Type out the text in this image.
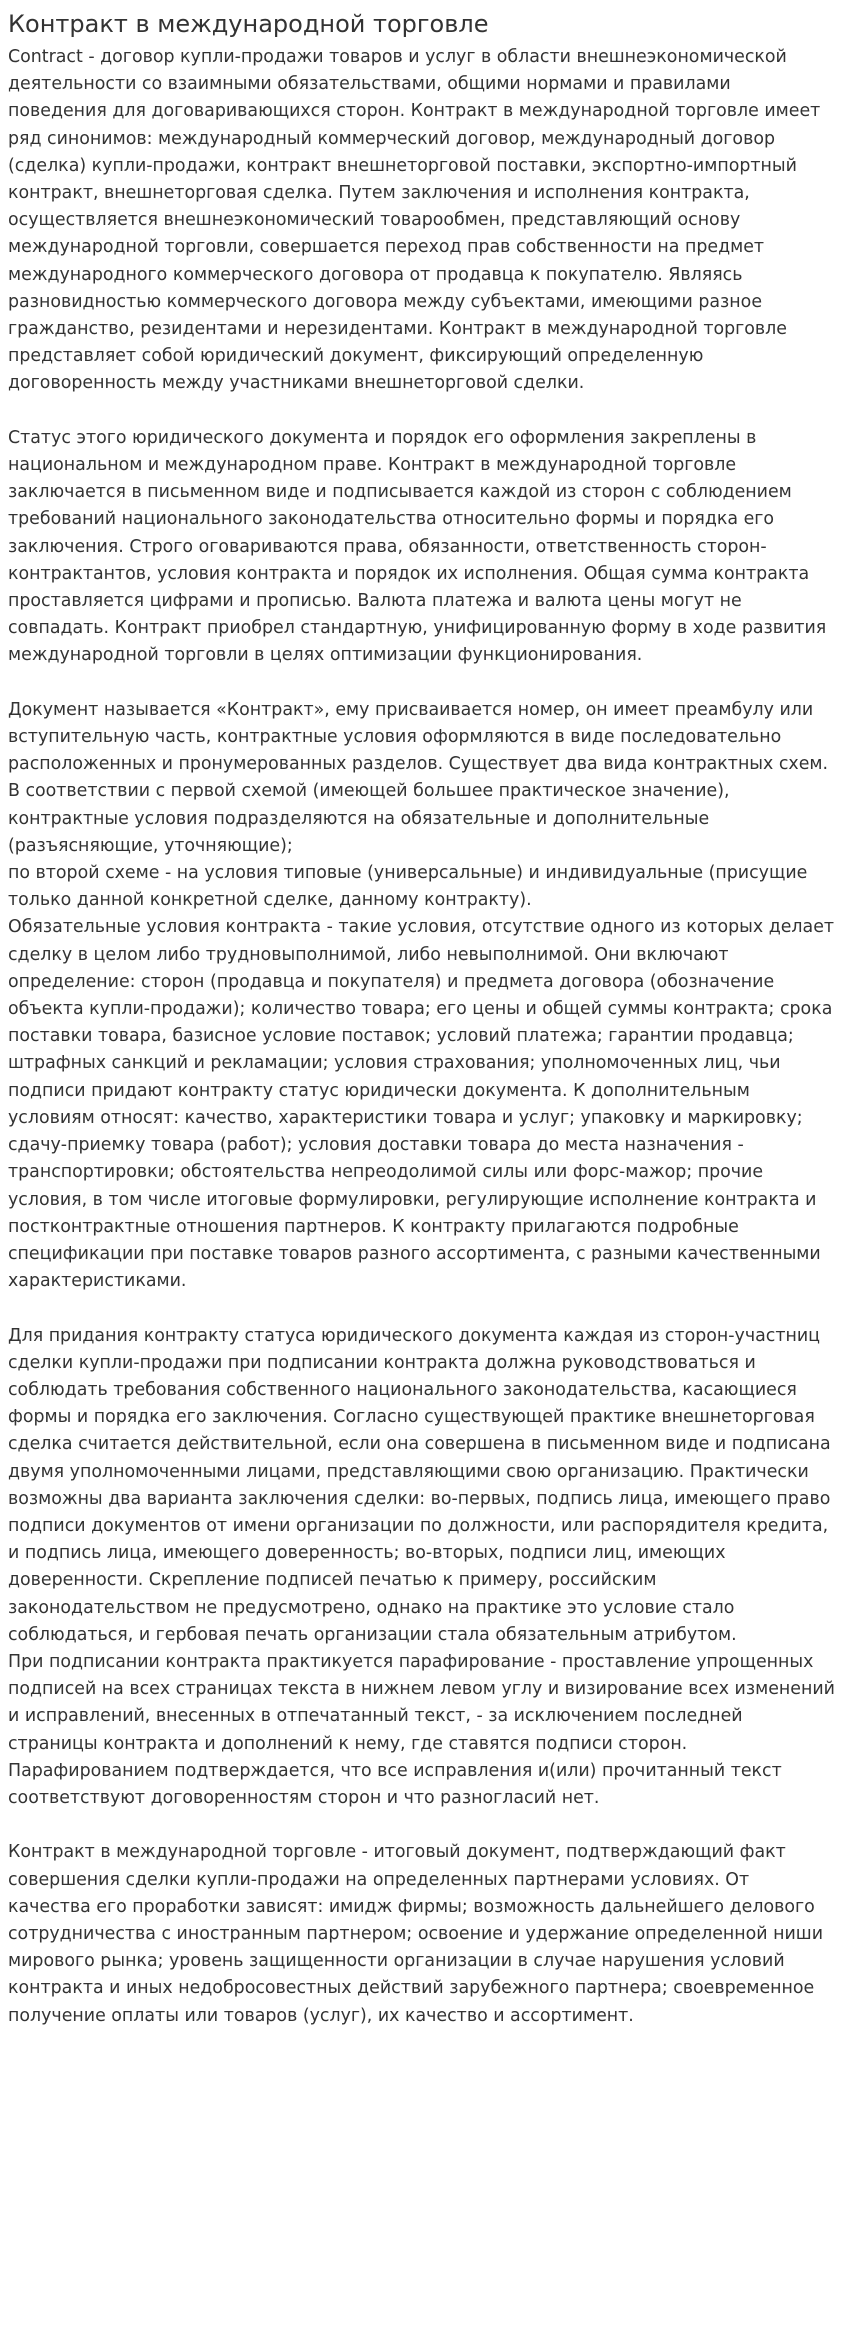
Контракт в международной торговле

Contract - договор купли-продажи товаров и услуг в области внешнеэкономической деятельности со взаимными обязательствами, общими нормами и правилами поведения для договаривающихся сторон. Контракт в международной торговле имеет ряд синонимов: международный коммерческий договор, международный договор (сделка) купли-продажи, контракт внешнеторговой поставки, экспортно-импортный контракт, внешнеторговая сделка. Путем заключения и исполнения контракта, осуществляется внешнеэкономический товарообмен, представляющий основу международной торговли, совершается переход прав собственности на предмет международного коммерческого договора от продавца к покупателю. Являясь разновидностью коммерческого договора между субъектами, имеющими разное гражданство, резидентами и нерезидентами. Контракт в международной торговле представляет собой юридический документ, фиксирующий определенную договоренность между участниками внешнеторговой сделки.

Статус этого юридического документа и порядок его оформления закреплены в национальном и международном праве. Контракт в международной торговле заключается в письменном виде и подписывается каждой из сторон с соблюдением требований национального законодательства относительно формы и порядка его заключения. Строго оговариваются права, обязанности, ответственность сторон-контрактантов, условия контракта и порядок их исполнения. Общая сумма контракта проставляется цифрами и прописью. Валюта платежа и валюта цены могут не совпадать. Контракт приобрел стандартную, унифицированную форму в ходе развития международной торговли в целях оптимизации функционирования.

Документ называется «Контракт», ему присваивается номер, он имеет преамбулу или вступительную часть, контрактные условия оформляются в виде последовательно расположенных и пронумерованных разделов. Существует два вида контрактных схем. В соответствии с первой схемой (имеющей большее практическое значение), контрактные условия подразделяются на обязательные и дополнительные (разъясняющие, уточняющие);
по второй схеме - на условия типовые (универсальные) и индивидуальные (присущие только данной конкретной сделке, данному контракту).
Обязательные условия контракта - такие условия, отсутствие одного из которых делает сделку в целом либо трудновыполнимой, либо невыполнимой. Они включают определение: сторон (продавца и покупателя) и предмета договора (обозначение объекта купли-продажи); количество товара; его цены и общей суммы контракта; срока поставки товара, базисное условие поставок; условий платежа; гарантии продавца; штрафных санкций и рекламации; условия страхования; уполномоченных лиц, чьи подписи придают контракту статус юридически документа. К дополнительным условиям относят: качество, характеристики товара и услуг; упаковку и маркировку; сдачу-приемку товара (работ); условия доставки товара до места назначения - транспортировки; обстоятельства непреодолимой силы или форс-мажор; прочие условия, в том числе итоговые формулировки, регулирующие исполнение контракта и постконтрактные отношения партнеров. К контракту прилагаются подробные спецификации при поставке товаров разного ассортимента, с разными качественными характеристиками.

Для придания контракту статуса юридического документа каждая из сторон-участниц сделки купли-продажи при подписании контракта должна руководствоваться и соблюдать требования собственного национального законодательства, касающиеся формы и порядка его заключения. Согласно существующей практике внешнеторговая сделка считается действительной, если она совершена в письменном виде и подписана двумя уполномоченными лицами, представляющими свою организацию. Практически возможны два варианта заключения сделки: во-первых, подпись лица, имеющего право подписи документов от имени организации по должности, или распорядителя кредита, и подпись лица, имеющего доверенность; во-вторых, подписи лиц, имеющих доверенности. Скрепление подписей печатью к примеру, российским законодательством не предусмотрено, однако на практике это условие стало соблюдаться, и гербовая печать организации стала обязательным атрибутом.
При подписании контракта практикуется парафирование - проставление упрощенных подписей на всех страницах текста в нижнем левом углу и визирование всех изменений и исправлений, внесенных в отпечатанный текст, - за исключением последней страницы контракта и дополнений к нему, где ставятся подписи сторон. Парафированием подтверждается, что все исправления и(или) прочитанный текст соответствуют договоренностям сторон и что разногласий нет.

Контракт в международной торговле - итоговый документ, подтверждающий факт совершения сделки купли-продажи на определенных партнерами условиях. От качества его проработки зависят: имидж фирмы; возможность дальнейшего делового сотрудничества с иностранным партнером; освоение и удержание определенной ниши мирового рынка; уровень защищенности организации в случае нарушения условий контракта и иных недобросовестных действий зарубежного партнера; своевременное получение оплаты или товаров (услуг), их качество и ассортимент.
